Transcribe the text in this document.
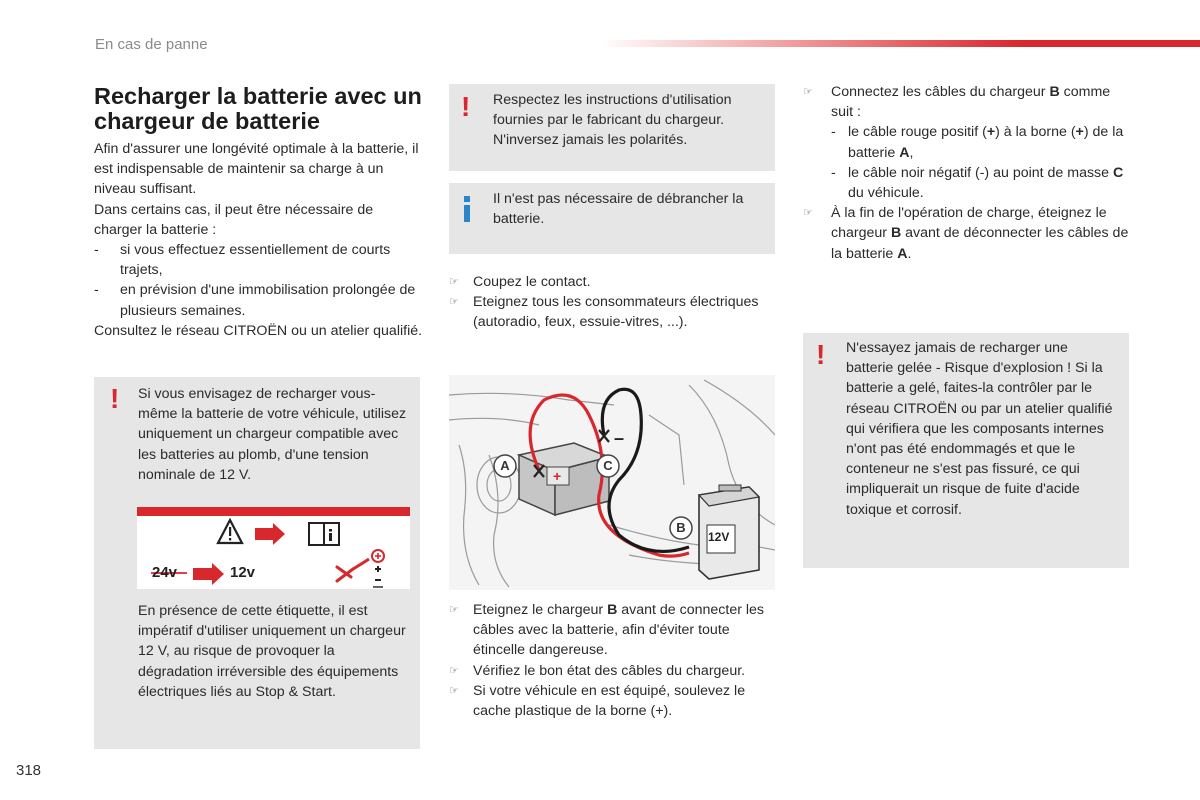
En cas de panne
Recharger la batterie avec un chargeur de batterie

Afin d'assurer une longévité optimale à la batterie, il est indispensable de maintenir sa charge à un niveau suffisant.

Dans certains cas, il peut être nécessaire de charger la batterie :

-	si vous effectuez essentiellement de courts trajets,
-	en prévision d'une immobilisation prolongée de plusieurs semaines.

Consultez le réseau CITROËN ou un atelier qualifié.

! Si vous envisagez de recharger vous-même la batterie de votre véhicule, utilisez uniquement un chargeur compatible avec les batteries au plomb, d'une tension nominale de 12 V.

24v	12v

En présence de cette étiquette, il est impératif d'utiliser uniquement un chargeur 12 V, au risque de provoquer la dégradation irréversible des équipements électriques liés au Stop & Start.

! Respectez les instructions d'utilisation fournies par le fabricant du chargeur. N'inversez jamais les polarités.

Il n'est pas nécessaire de débrancher la batterie.

☞ Coupez le contact.
☞ Eteignez tous les consommateurs électriques (autoradio, feux, essuie-vitres, ...).
+
–
A
B
C
12V
☞ Eteignez le chargeur B avant de connecter les câbles avec la batterie, afin d'éviter toute étincelle dangereuse.
☞ Vérifiez le bon état des câbles du chargeur.
☞ Si votre véhicule en est équipé, soulevez le cache plastique de la borne (+).
☞	Connectez les câbles du chargeur B comme suit :
- le câble rouge positif (+) à la borne (+) de la batterie A,
- le câble noir négatif (-) au point de masse C du véhicule.
☞	À la fin de l'opération de charge, éteignez le chargeur B avant de déconnecter les câbles de la batterie A.
! N'essayez jamais de recharger une batterie gelée - Risque d'explosion ! Si la batterie a gelé, faites-la contrôler par le réseau CITROËN ou par un atelier qualifié qui vérifiera que les composants internes n'ont pas été endommagés et que le conteneur ne s'est pas fissuré, ce qui impliquerait un risque de fuite d'acide toxique et corrosif.

318
